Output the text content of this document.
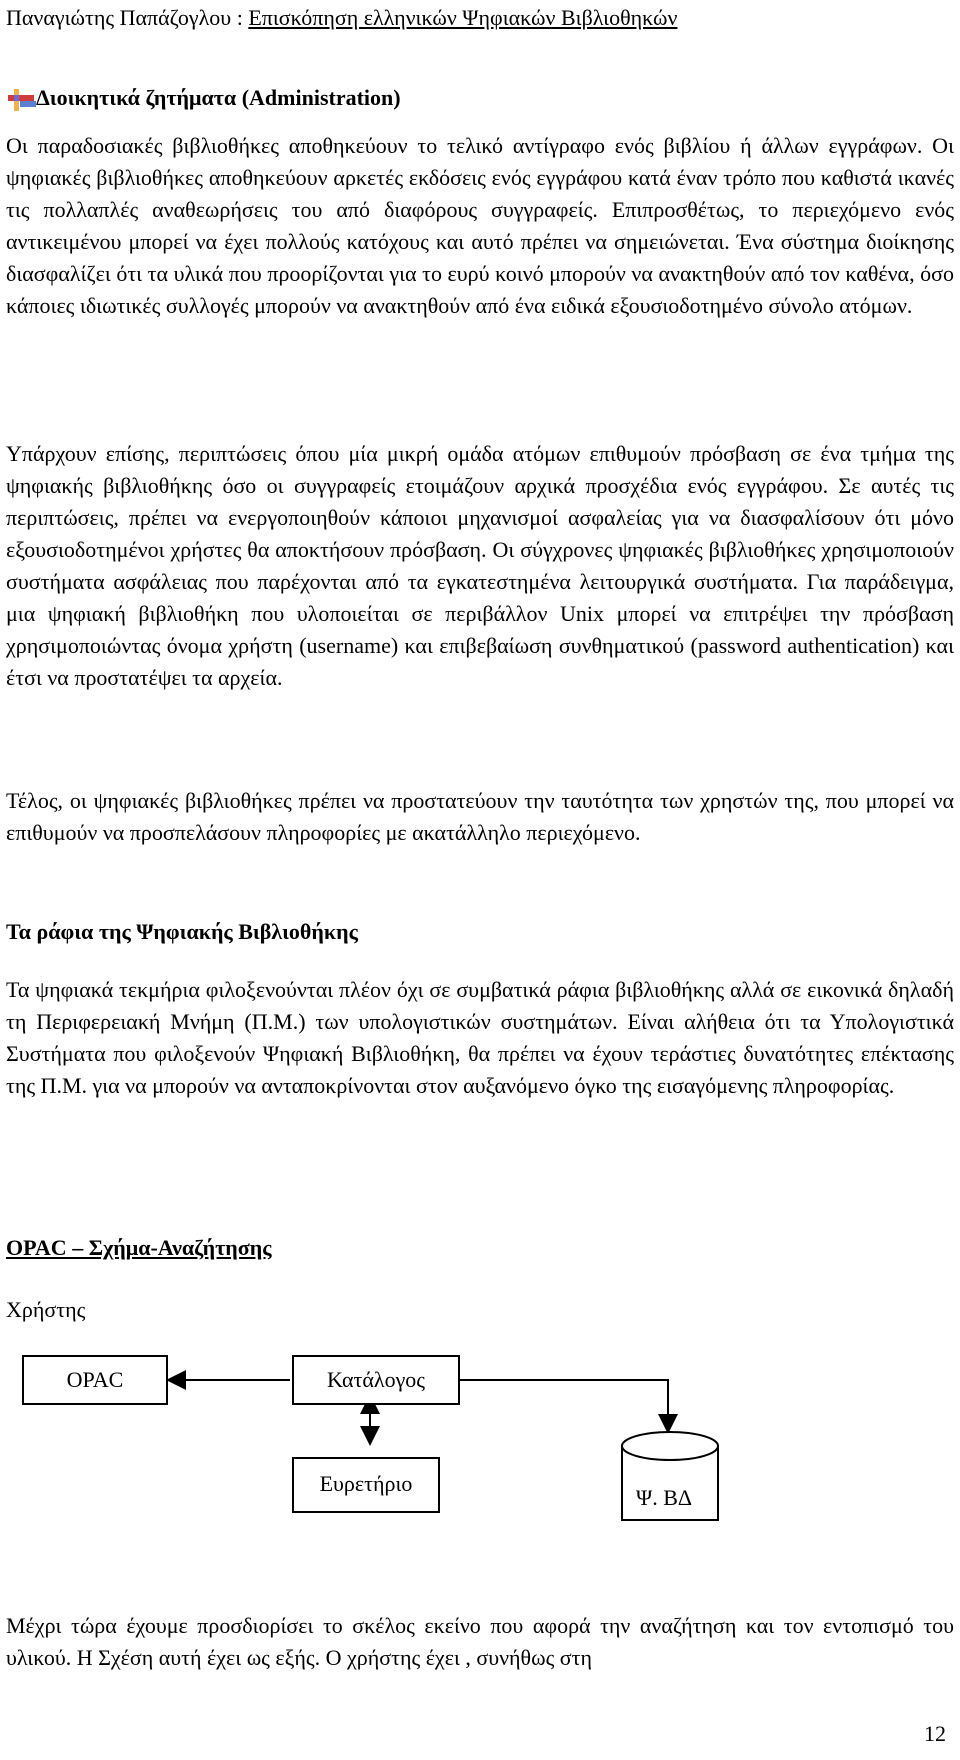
Παναγιώτης Παπάζογλου : Επισκόπηση ελληνικών Ψηφιακών Βιβλιοθηκών
Διοικητικά ζητήματα (Administration)
Οι παραδοσιακές βιβλιοθήκες αποθηκεύουν το τελικό αντίγραφο ενός βιβλίου ή άλλων εγγράφων. Οι ψηφιακές βιβλιοθήκες αποθηκεύουν αρκετές εκδόσεις ενός εγγράφου κατά έναν τρόπο που καθιστά ικανές τις πολλαπλές αναθεωρήσεις του από διαφόρους συγγραφείς. Επιπροσθέτως, το περιεχόμενο ενός αντικειμένου μπορεί να έχει πολλούς κατόχους και αυτό πρέπει να σημειώνεται. Ένα σύστημα διοίκησης διασφαλίζει ότι τα υλικά που προορίζονται για το ευρύ κοινό μπορούν να ανακτηθούν από τον καθένα, όσο κάποιες ιδιωτικές συλλογές μπορούν να ανακτηθούν από ένα ειδικά εξουσιοδοτημένο σύνολο ατόμων.
Υπάρχουν επίσης, περιπτώσεις όπου μία μικρή ομάδα ατόμων επιθυμούν πρόσβαση σε ένα τμήμα της ψηφιακής βιβλιοθήκης όσο οι συγγραφείς ετοιμάζουν αρχικά προσχέδια ενός εγγράφου. Σε αυτές τις περιπτώσεις, πρέπει να ενεργοποιηθούν κάποιοι μηχανισμοί ασφαλείας για να διασφαλίσουν ότι μόνο εξουσιοδοτημένοι χρήστες θα αποκτήσουν πρόσβαση. Οι σύγχρονες ψηφιακές βιβλιοθήκες χρησιμοποιούν συστήματα ασφάλειας που παρέχονται από τα εγκατεστημένα λειτουργικά συστήματα. Για παράδειγμα, μια ψηφιακή βιβλιοθήκη που υλοποιείται σε περιβάλλον Unix μπορεί να επιτρέψει την πρόσβαση χρησιμοποιώντας όνομα χρήστη (username) και επιβεβαίωση συνθηματικού (password authentication) και έτσι να προστατέψει τα αρχεία.
Τέλος, οι ψηφιακές βιβλιοθήκες πρέπει να προστατεύουν την ταυτότητα των χρηστών της, που μπορεί να επιθυμούν να προσπελάσουν πληροφορίες με ακατάλληλο περιεχόμενο.
Τα ράφια της Ψηφιακής Βιβλιοθήκης
Τα ψηφιακά τεκμήρια φιλοξενούνται πλέον όχι σε συμβατικά ράφια βιβλιοθήκης αλλά σε εικονικά δηλαδή τη Περιφερειακή Μνήμη (Π.Μ.) των υπολογιστικών συστημάτων. Είναι αλήθεια ότι τα Υπολογιστικά Συστήματα που φιλοξενούν Ψηφιακή Βιβλιοθήκη, θα πρέπει να έχουν τεράστιες δυνατότητες επέκτασης της Π.Μ. για να μπορούν να ανταποκρίνονται στον αυξανόμενο όγκο της εισαγόμενης πληροφορίας.
OPAC – Σχήμα-Αναζήτησης
Χρήστης
OPAC	Κατάλογος
Ευρετήριο
Ψ. ΒΔ
Μέχρι τώρα έχουμε προσδιορίσει το σκέλος εκείνο που αφορά την αναζήτηση και τον εντοπισμό του υλικού. Η Σχέση αυτή έχει ως εξής. Ο χρήστης έχει , συνήθως στη
12
